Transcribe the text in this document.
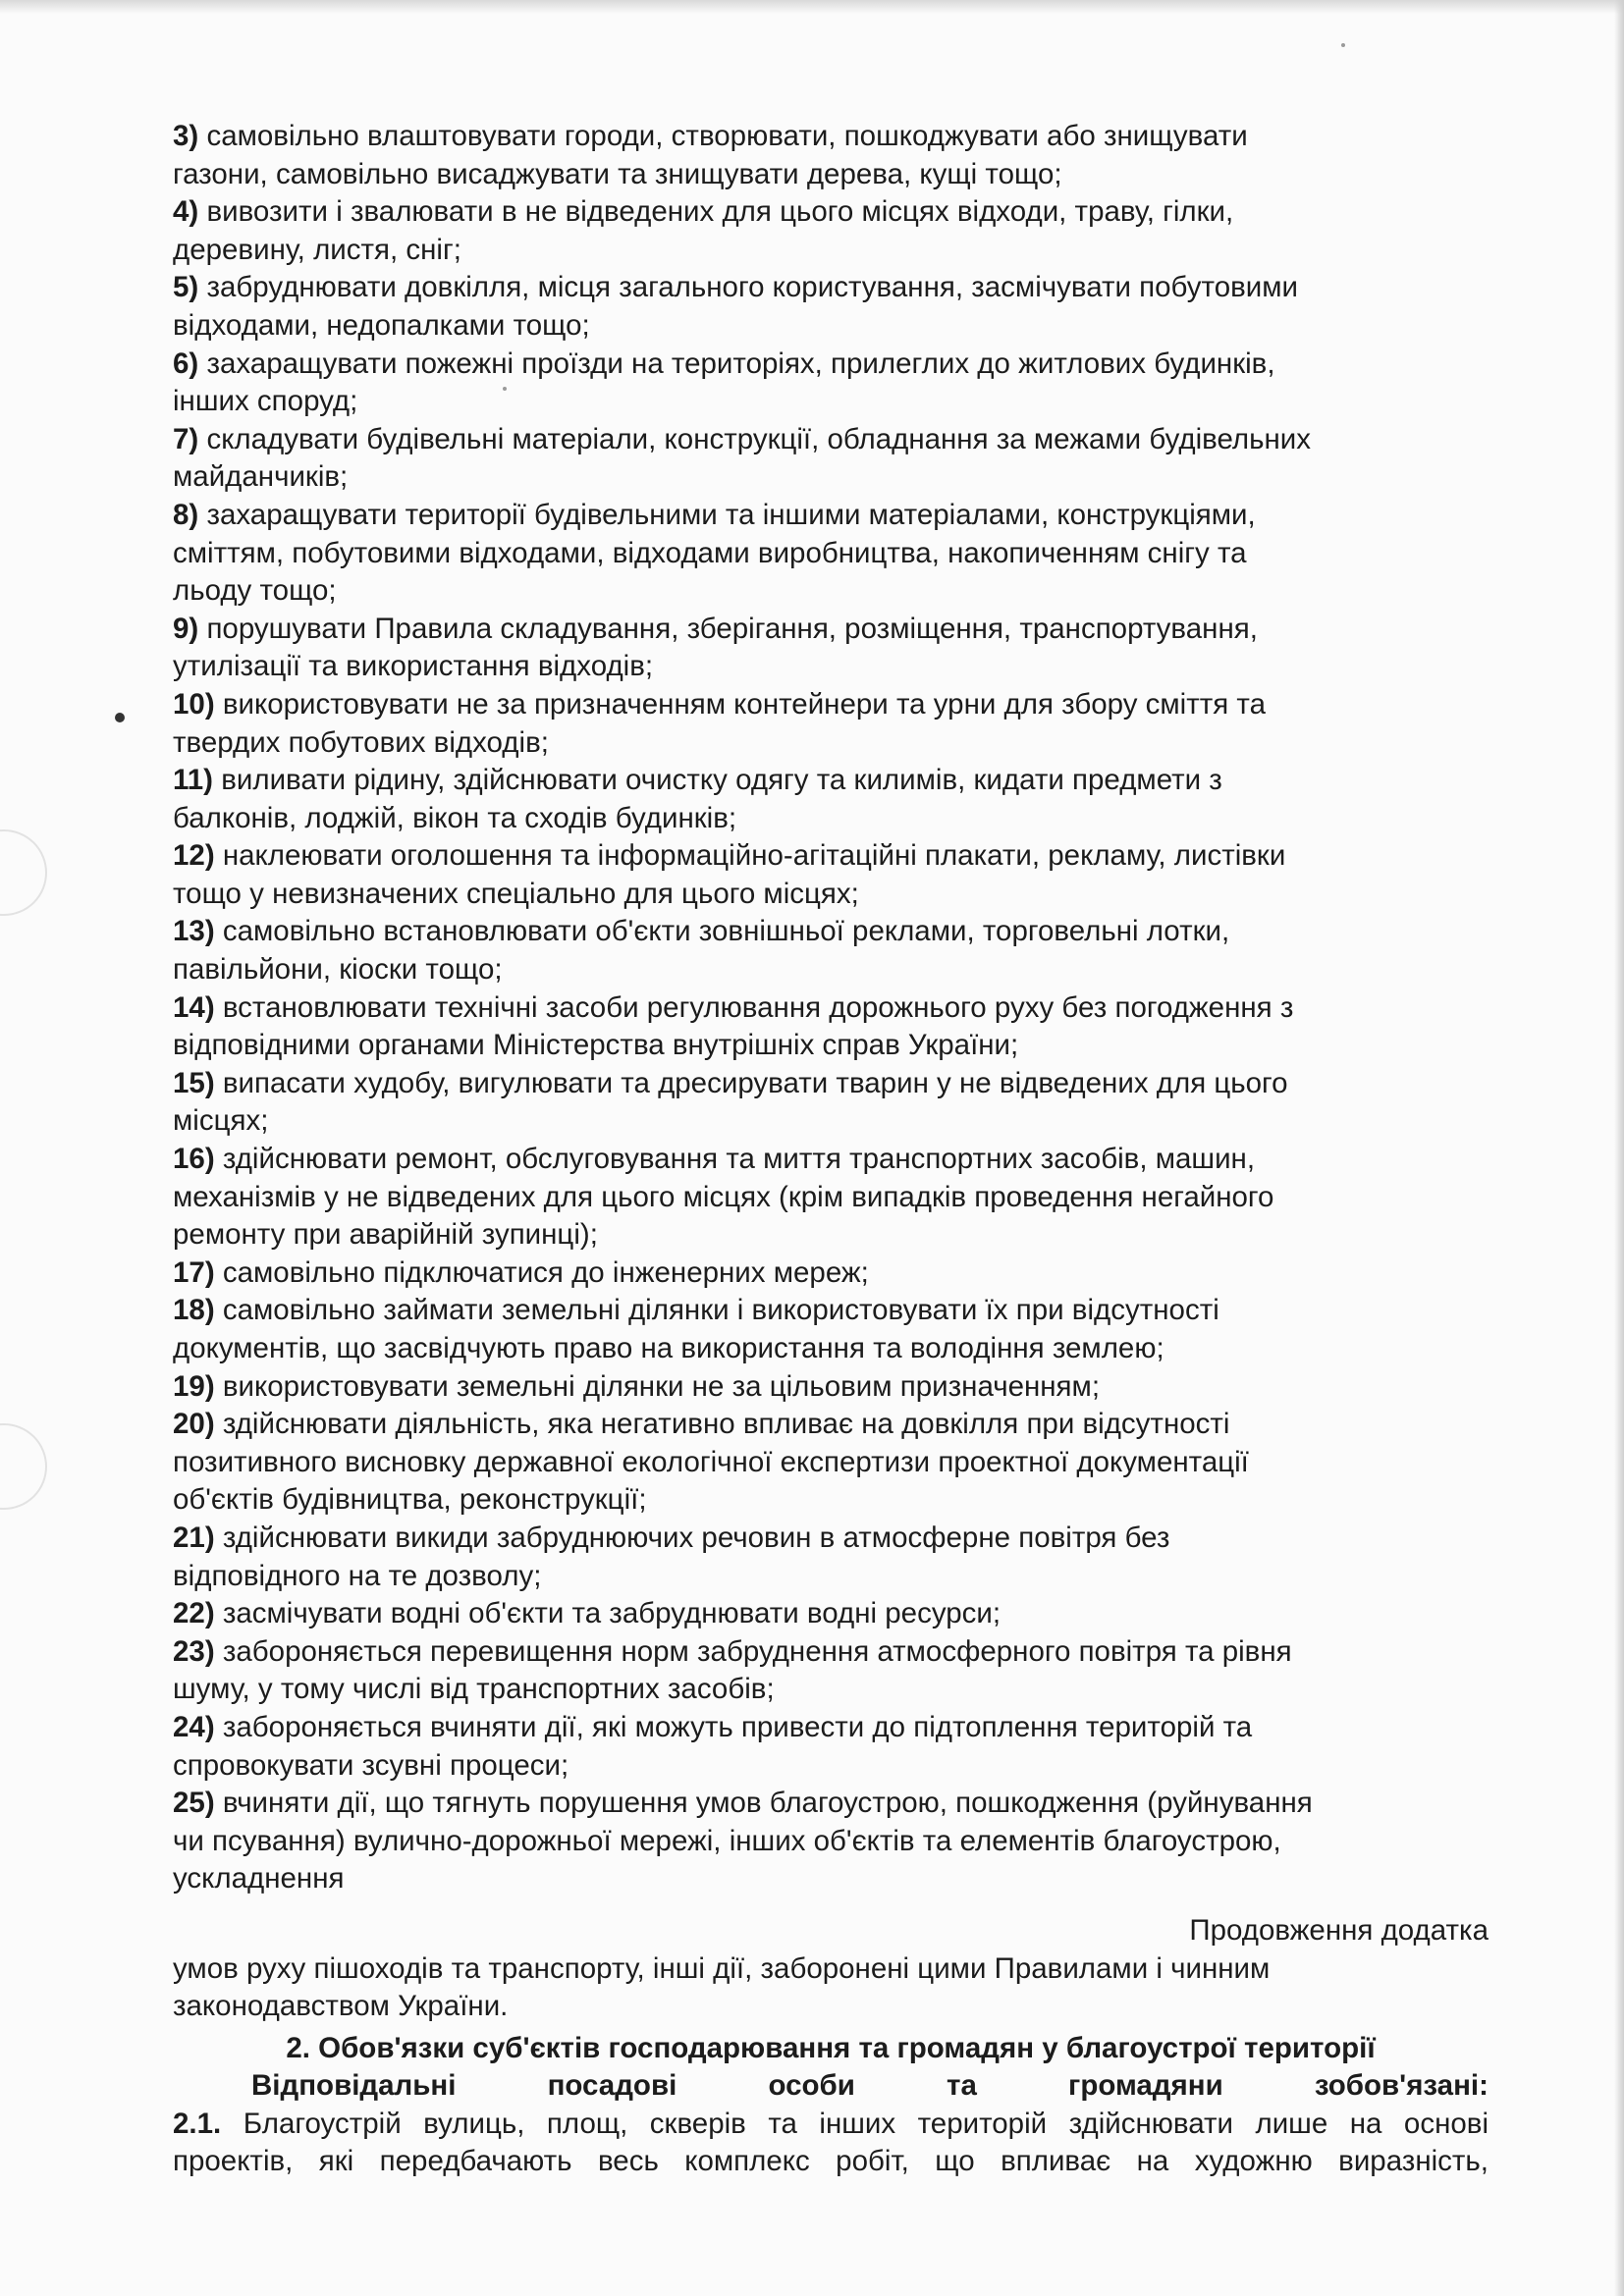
3) самовільно влаштовувати городи, створювати, пошкоджувати або знищувати
газони, самовільно висаджувати та знищувати дерева, кущі тощо;
4) вивозити і звалювати в не відведених для цього місцях відходи, траву, гілки,
деревину, листя, сніг;
5) забруднювати довкілля, місця загального користування, засмічувати побутовими
відходами, недопалками тощо;
6) захаращувати пожежні проїзди на територіях, прилеглих до житлових будинків,
інших споруд;
7) складувати будівельні матеріали, конструкції, обладнання за межами будівельних
майданчиків;
8) захаращувати території будівельними та іншими матеріалами, конструкціями,
сміттям, побутовими відходами, відходами виробництва, накопиченням снігу та
льоду тощо;
9) порушувати Правила складування, зберігання, розміщення, транспортування,
утилізації та використання відходів;
10) використовувати не за призначенням контейнери та урни для збору сміття та
твердих побутових відходів;
11) виливати рідину, здійснювати очистку одягу та килимів, кидати предмети з
балконів, лоджій, вікон та сходів будинків;
12) наклеювати оголошення та інформаційно-агітаційні плакати, рекламу, листівки
тощо у невизначених спеціально для цього місцях;
13) самовільно встановлювати об'єкти зовнішньої реклами, торговельні лотки,
павільйони, кіоски тощо;
14) встановлювати технічні засоби регулювання дорожнього руху без погодження з
відповідними органами Міністерства внутрішніх справ України;
15) випасати худобу, вигулювати та дресирувати тварин у не відведених для цього
місцях;
16) здійснювати ремонт, обслуговування та миття транспортних засобів, машин,
механізмів у не відведених для цього місцях (крім випадків проведення негайного
ремонту при аварійній зупинці);
17) самовільно підключатися до інженерних мереж;
18) самовільно займати земельні ділянки і використовувати їх при відсутності
документів, що засвідчують право на використання та володіння землею;
19) використовувати земельні ділянки не за цільовим призначенням;
20) здійснювати діяльність, яка негативно впливає на довкілля при відсутності
позитивного висновку державної екологічної експертизи проектної документації
об'єктів будівництва, реконструкції;
21) здійснювати викиди забруднюючих речовин в атмосферне повітря без
відповідного на те дозволу;
22) засмічувати водні об'єкти та забруднювати водні ресурси;
23) забороняється перевищення норм забруднення атмосферного повітря та рівня
шуму, у тому числі від транспортних засобів;
24) забороняється вчиняти дії, які можуть привести до підтоплення територій та
спровокувати зсувні процеси;
25) вчиняти дії, що тягнуть порушення умов благоустрою, пошкодження (руйнування
чи псування) вулично-дорожньої мережі, інших об'єктів та елементів благоустрою,
ускладнення
Продовження додатка
умов руху пішоходів та транспорту, інші дії, заборонені цими Правилами і чинним
законодавством України.
2. Обов'язки суб'єктів господарювання та громадян у благоустрої території
Відповідальні	посадові	особи	та	громадяни	зобов'язані:
2.1. Благоустрій вулиць, площ, скверів та інших територій здійснювати лише на основі
проектів, які передбачають весь комплекс робіт, що впливає на художню виразність,
